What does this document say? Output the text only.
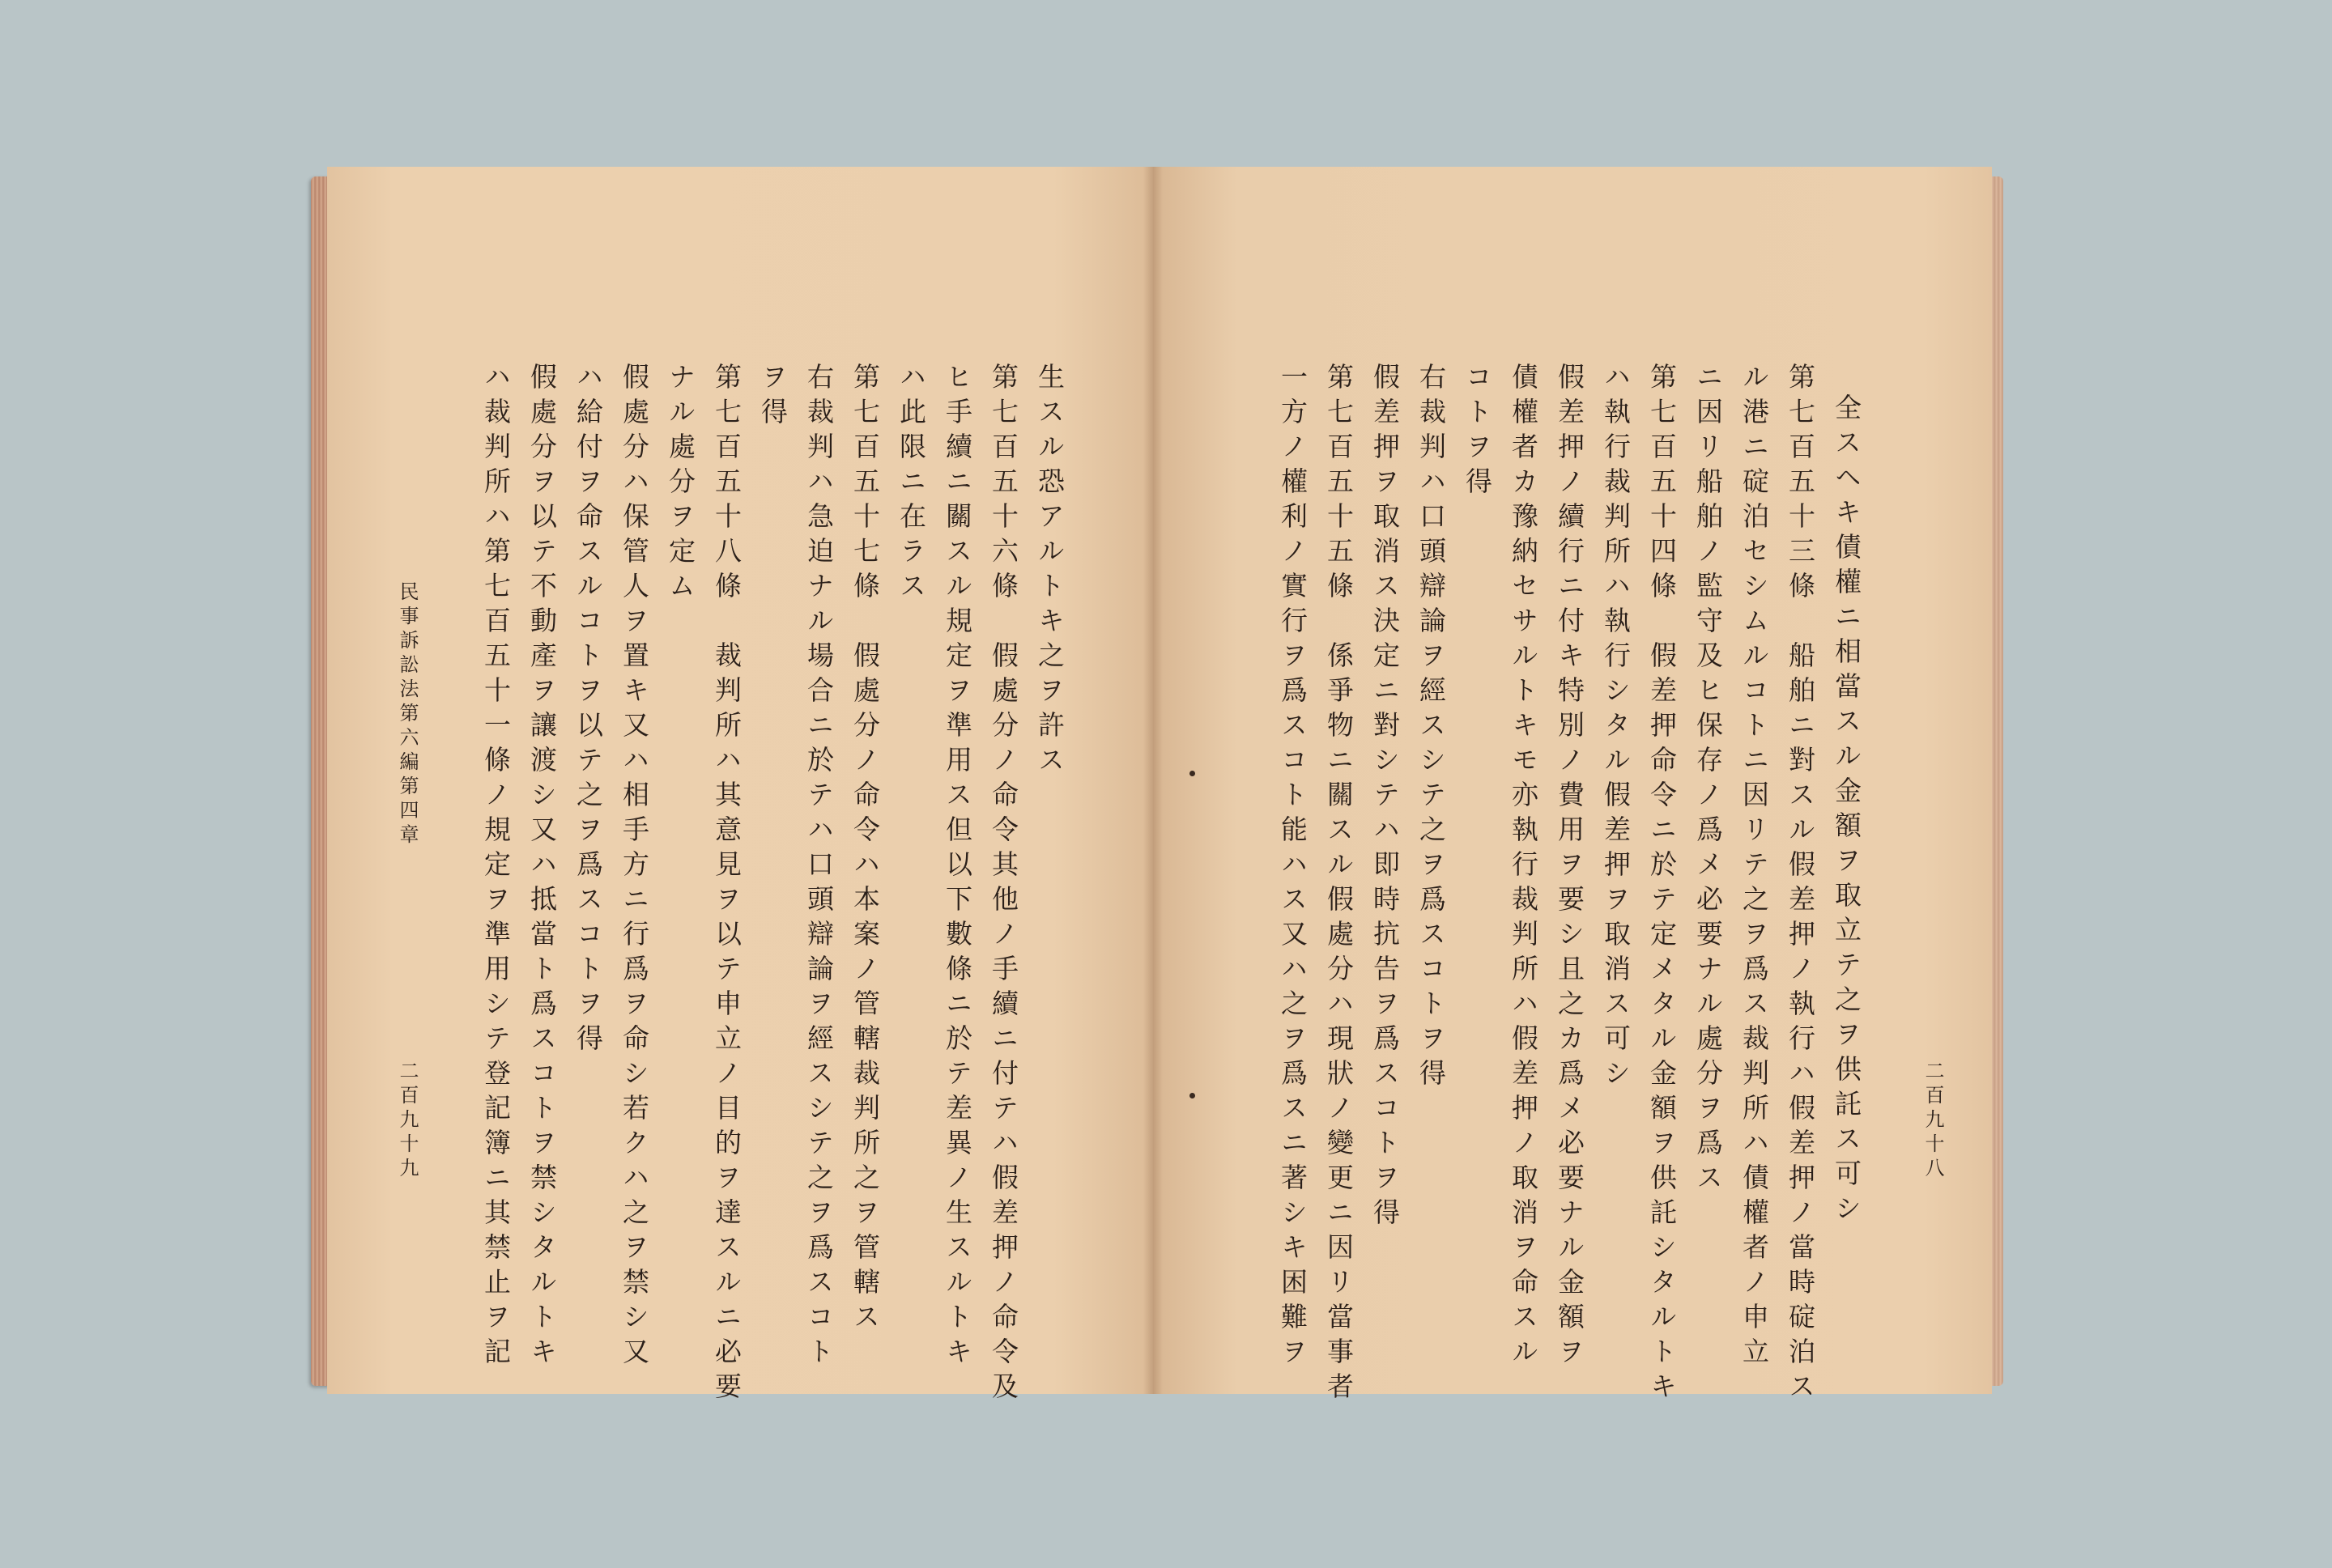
民事訴訟法第六編第四章
二百九十九
生スル恐アルトキ之ヲ許ス
第七百五十六條　假處分ノ命令其他ノ手續ニ付テハ假差押ノ命令及
ヒ手續ニ關スル規定ヲ準用ス但以下數條ニ於テ差異ノ生スルトキ
ハ此限ニ在ラス
第七百五十七條　假處分ノ命令ハ本案ノ管轄裁判所之ヲ管轄ス
右裁判ハ急迫ナル場合ニ於テハ口頭辯論ヲ經スシテ之ヲ爲スコト
ヲ得
第七百五十八條　裁判所ハ其意見ヲ以テ申立ノ目的ヲ達スルニ必要
ナル處分ヲ定ム
假處分ハ保管人ヲ置キ又ハ相手方ニ行爲ヲ命シ若クハ之ヲ禁シ又
ハ給付ヲ命スルコトヲ以テ之ヲ爲スコトヲ得
假處分ヲ以テ不動產ヲ讓渡シ又ハ抵當ト爲スコトヲ禁シタルトキ
ハ裁判所ハ第七百五十一條ノ規定ヲ準用シテ登記簿ニ其禁止ヲ記	二百九十八
全スヘキ債權ニ相當スル金額ヲ取立テ之ヲ供託ス可シ
第七百五十三條　船舶ニ對スル假差押ノ執行ハ假差押ノ當時碇泊ス
ル港ニ碇泊セシムルコトニ因リテ之ヲ爲ス裁判所ハ債權者ノ申立
ニ因リ船舶ノ監守及ヒ保存ノ爲メ必要ナル處分ヲ爲ス
第七百五十四條　假差押命令ニ於テ定メタル金額ヲ供託シタルトキ
ハ執行裁判所ハ執行シタル假差押ヲ取消ス可シ
假差押ノ續行ニ付キ特別ノ費用ヲ要シ且之カ爲メ必要ナル金額ヲ
債權者カ豫納セサルトキモ亦執行裁判所ハ假差押ノ取消ヲ命スル
コトヲ得
右裁判ハ口頭辯論ヲ經スシテ之ヲ爲スコトヲ得
假差押ヲ取消ス決定ニ對シテハ即時抗告ヲ爲スコトヲ得
第七百五十五條　係爭物ニ關スル假處分ハ現狀ノ變更ニ因リ當事者
一方ノ權利ノ實行ヲ爲スコト能ハス又ハ之ヲ爲スニ著シキ困難ヲ
